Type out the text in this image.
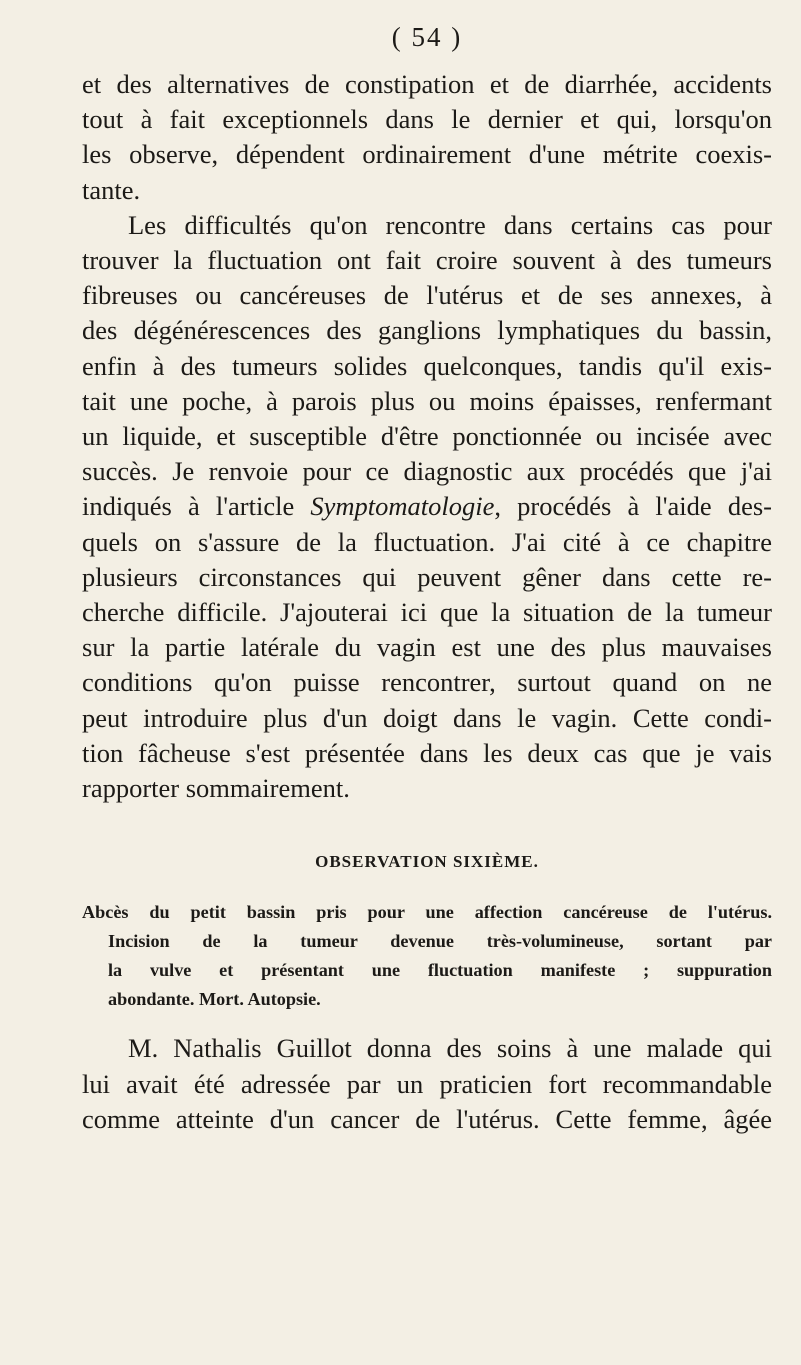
( 54 )

et des alternatives de constipation et de diarrhée, accidents
tout à fait exceptionnels dans le dernier et qui, lorsqu'on
les observe, dépendent ordinairement d'une métrite coexis-
tante.

Les difficultés qu'on rencontre dans certains cas pour
trouver la fluctuation ont fait croire souvent à des tumeurs
fibreuses ou cancéreuses de l'utérus et de ses annexes, à
des dégénérescences des ganglions lymphatiques du bassin,
enfin à des tumeurs solides quelconques, tandis qu'il exis-
tait une poche, à parois plus ou moins épaisses, renfermant
un liquide, et susceptible d'être ponctionnée ou incisée avec
succès. Je renvoie pour ce diagnostic aux procédés que j'ai
indiqués à l'article Symptomatologie, procédés à l'aide des-
quels on s'assure de la fluctuation. J'ai cité à ce chapitre
plusieurs circonstances qui peuvent gêner dans cette re-
cherche difficile. J'ajouterai ici que la situation de la tumeur
sur la partie latérale du vagin est une des plus mauvaises
conditions qu'on puisse rencontrer, surtout quand on ne
peut introduire plus d'un doigt dans le vagin. Cette condi-
tion fâcheuse s'est présentée dans les deux cas que je vais
rapporter sommairement.

OBSERVATION SIXIÈME.

Abcès du petit bassin pris pour une affection cancéreuse de l'utérus.
Incision de la tumeur devenue très-volumineuse, sortant par
la vulve et présentant une fluctuation manifeste ; suppuration
abondante. Mort. Autopsie.

M. Nathalis Guillot donna des soins à une malade qui
lui avait été adressée par un praticien fort recommandable
comme atteinte d'un cancer de l'utérus. Cette femme, âgée
